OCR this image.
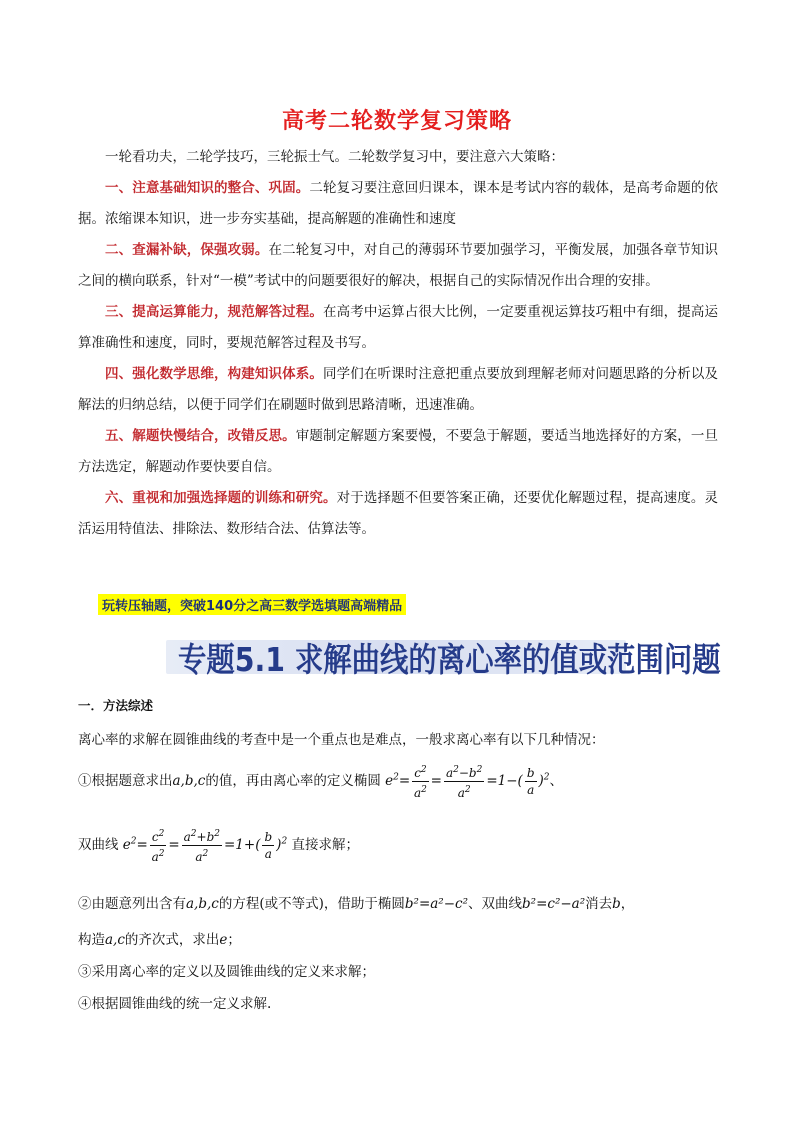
高考二轮数学复习策略

一轮看功夫，二轮学技巧，三轮振士气。二轮数学复习中，要注意六大策略：

一、注意基础知识的整合、巩固。二轮复习要注意回归课本，课本是考试内容的载体，是高考命题的依据。浓缩课本知识，进一步夯实基础，提高解题的准确性和速度

二、查漏补缺，保强攻弱。在二轮复习中，对自己的薄弱环节要加强学习，平衡发展，加强各章节知识之间的横向联系，针对“一模”考试中的问题要很好的解决，根据自己的实际情况作出合理的安排。

三、提高运算能力，规范解答过程。在高考中运算占很大比例，一定要重视运算技巧粗中有细，提高运算准确性和速度，同时，要规范解答过程及书写。

四、强化数学思维，构建知识体系。同学们在听课时注意把重点要放到理解老师对问题思路的分析以及解法的归纳总结，以便于同学们在刷题时做到思路清晰，迅速准确。

五、解题快慢结合，改错反思。审题制定解题方案要慢，不要急于解题，要适当地选择好的方案，一旦方法选定，解题动作要快要自信。

六、重视和加强选择题的训练和研究。对于选择题不但要答案正确，还要优化解题过程，提高速度。灵活运用特值法、排除法、数形结合法、估算法等。

玩转压轴题，突破140分之高三数学选填题高端精品
专题5.1 求解曲线的离心率的值或范围问题
一．方法综述
离心率的求解在圆锥曲线的考查中是一个重点也是难点，一般求离心率有以下几种情况：
①根据题意求出a,b,c的值，再由离心率的定义椭圆 $e^2= \frac{c^2}{a^2} = \frac{a^2-b^2}{a^2} =1-( \frac{b}{a} )^2$、
双曲线 $e^2= \frac{c^2}{a^2} = \frac{a^2+b^2}{a^2} =1+( \frac{b}{a} )^2$ 直接求解；
②由题意列出含有a,b,c的方程(或不等式)，借助于椭圆b²=a²−c²、双曲线b²=c²−a²消去b，
构造a,c的齐次式，求出e；
③采用离心率的定义以及圆锥曲线的定义来求解；
④根据圆锥曲线的统一定义求解.
